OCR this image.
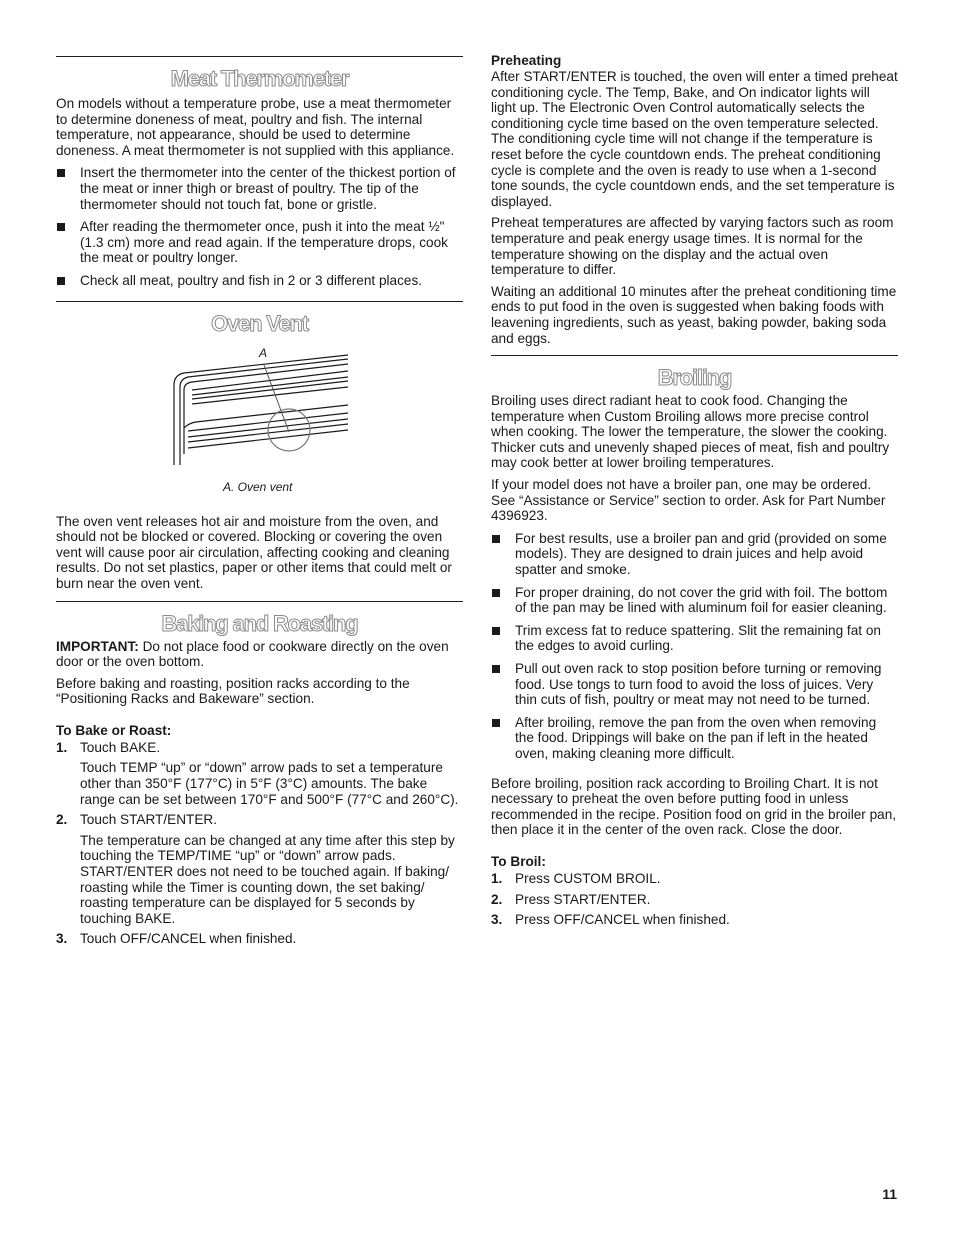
Meat Thermometer

On models without a temperature probe, use a meat thermometer to determine doneness of meat, poultry and fish. The internal temperature, not appearance, should be used to determine doneness. A meat thermometer is not supplied with this appliance.

Insert the thermometer into the center of the thickest portion of the meat or inner thigh or breast of poultry. The tip of the thermometer should not touch fat, bone or gristle.
After reading the thermometer once, push it into the meat ½" (1.3 cm) more and read again. If the temperature drops, cook the meat or poultry longer.
Check all meat, poultry and fish in 2 or 3 different places.
Oven Vent
A
A. Oven vent

The oven vent releases hot air and moisture from the oven, and should not be blocked or covered. Blocking or covering the oven vent will cause poor air circulation, affecting cooking and cleaning results. Do not set plastics, paper or other items that could melt or burn near the oven vent.

Baking and Roasting

IMPORTANT: Do not place food or cookware directly on the oven door or the oven bottom.

Before baking and roasting, position racks according to the “Positioning Racks and Bakeware” section.

To Bake or Roast:

1. Touch BAKE.

Touch TEMP “up” or “down” arrow pads to set a temperature other than 350°F (177°C) in 5°F (3°C) amounts. The bake range can be set between 170°F and 500°F (77°C and 260°C).

2. Touch START/ENTER.

The temperature can be changed at any time after this step by touching the TEMP/TIME “up” or “down” arrow pads. START/ENTER does not need to be touched again. If baking/ roasting while the Timer is counting down, the set baking/ roasting temperature can be displayed for 5 seconds by touching BAKE.

3. Touch OFF/CANCEL when finished.

Preheating

After START/ENTER is touched, the oven will enter a timed preheat conditioning cycle. The Temp, Bake, and On indicator lights will light up. The Electronic Oven Control automatically selects the conditioning cycle time based on the oven temperature selected. The conditioning cycle time will not change if the temperature is reset before the cycle countdown ends. The preheat conditioning cycle is complete and the oven is ready to use when a 1-second tone sounds, the cycle countdown ends, and the set temperature is displayed.

Preheat temperatures are affected by varying factors such as room temperature and peak energy usage times. It is normal for the temperature showing on the display and the actual oven temperature to differ.

Waiting an additional 10 minutes after the preheat conditioning time ends to put food in the oven is suggested when baking foods with leavening ingredients, such as yeast, baking powder, baking soda and eggs.

Broiling

Broiling uses direct radiant heat to cook food. Changing the temperature when Custom Broiling allows more precise control when cooking. The lower the temperature, the slower the cooking. Thicker cuts and unevenly shaped pieces of meat, fish and poultry may cook better at lower broiling temperatures.

If your model does not have a broiler pan, one may be ordered. See “Assistance or Service” section to order. Ask for Part Number 4396923.

For best results, use a broiler pan and grid (provided on some models). They are designed to drain juices and help avoid spatter and smoke.
For proper draining, do not cover the grid with foil. The bottom of the pan may be lined with aluminum foil for easier cleaning.
Trim excess fat to reduce spattering. Slit the remaining fat on the edges to avoid curling.
Pull out oven rack to stop position before turning or removing food. Use tongs to turn food to avoid the loss of juices. Very thin cuts of fish, poultry or meat may not need to be turned.
After broiling, remove the pan from the oven when removing the food. Drippings will bake on the pan if left in the heated oven, making cleaning more difficult.

Before broiling, position rack according to Broiling Chart. It is not necessary to preheat the oven before putting food in unless recommended in the recipe. Position food on grid in the broiler pan, then place it in the center of the oven rack. Close the door.

To Broil:

1. Press CUSTOM BROIL.
2. Press START/ENTER.
3. Press OFF/CANCEL when finished.
11
